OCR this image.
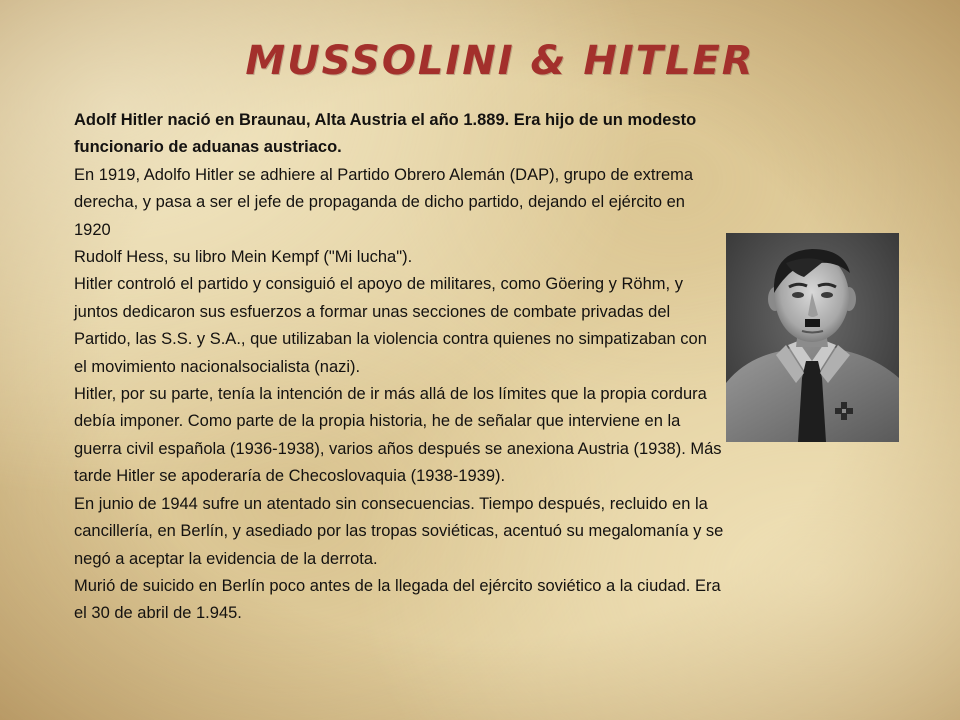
MUSSOLINI & HITLER

Adolf Hitler nació en Braunau, Alta Austria el año 1.889. Era hijo de un modesto funcionario de aduanas austriaco.

En 1919, Adolfo Hitler se adhiere al Partido Obrero Alemán (DAP), grupo de extrema derecha, y pasa a ser el jefe de propaganda de dicho partido, dejando el ejército en 1920

Rudolf Hess, su libro Mein Kempf ("Mi lucha").

Hitler controló el partido y consiguió el apoyo de militares, como Göering y Röhm, y juntos dedicaron sus esfuerzos a formar unas secciones de combate privadas del Partido, las S.S. y S.A., que utilizaban la violencia contra quienes no simpatizaban con el movimiento nacionalsocialista (nazi).

Hitler, por su parte, tenía la intención de ir más allá de los límites que la propia cordura debía imponer. Como parte de la propia historia, he de señalar que interviene en la guerra civil española (1936-1938), varios años después se anexiona Austria (1938). Más tarde Hitler se apoderaría de Checoslovaquia (1938-1939).

En junio de 1944 sufre un atentado sin consecuencias. Tiempo después, recluido en la cancillería, en Berlín, y asediado por las tropas soviéticas, acentuó su megalomanía y se negó a aceptar la evidencia de la derrota.

Murió de suicido en Berlín poco antes de la llegada del ejército soviético a la ciudad. Era el 30 de abril de 1.945.
